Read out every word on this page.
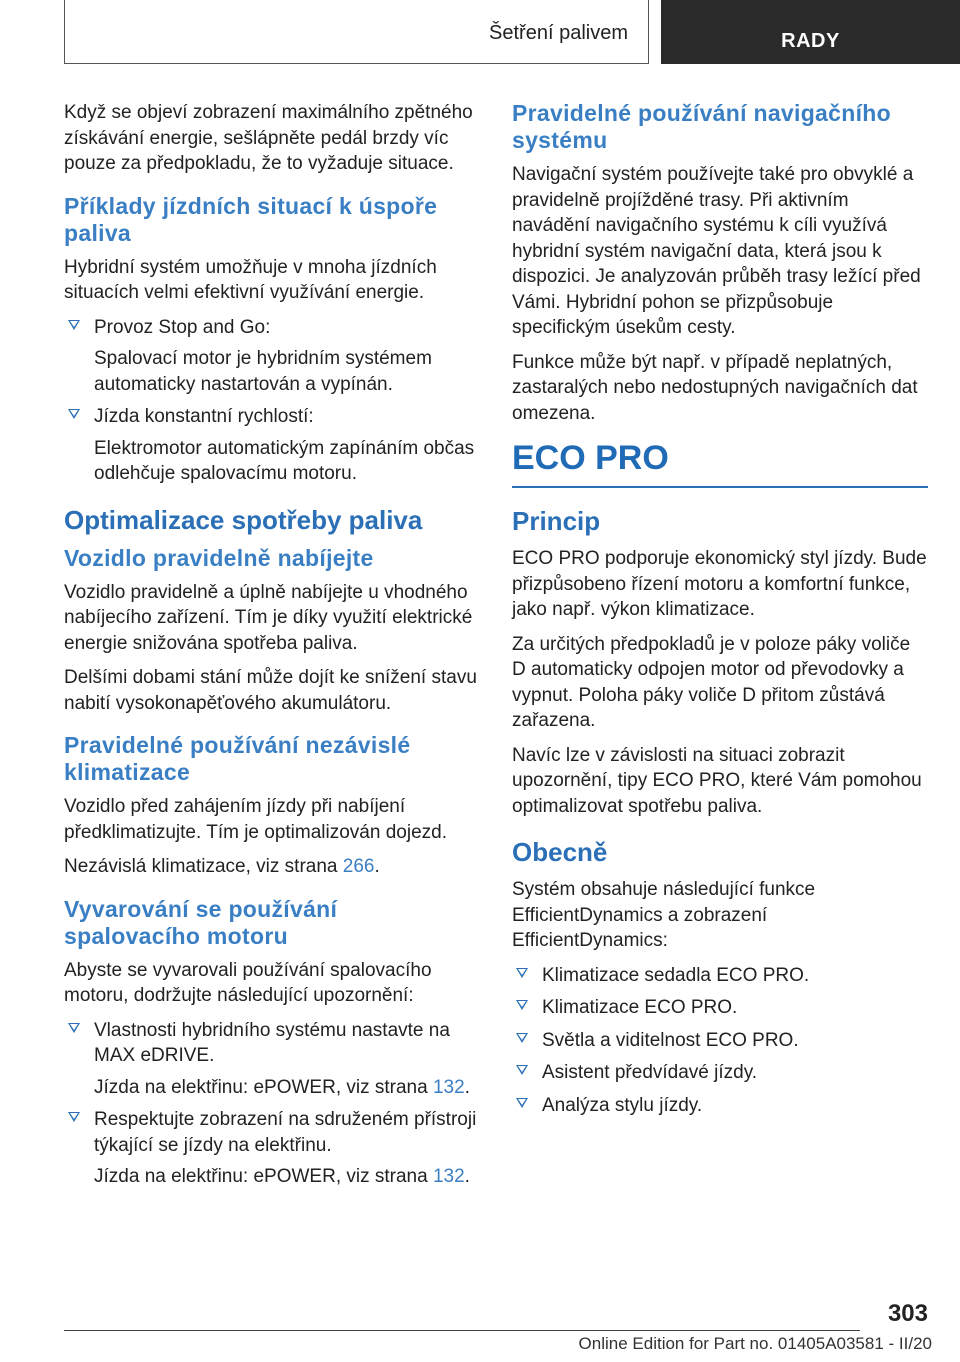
Šetření palivem	RADY

Když se objeví zobrazení maximálního zpětného získávání energie, sešlápněte pedál brzdy víc pouze za předpokladu, že to vyžaduje situace.

Příklady jízdních situací k úspoře paliva

Hybridní systém umožňuje v mnoha jízdních situacích velmi efektivní využívání energie.

Provoz Stop and Go:

Spalovací motor je hybridním systémem automaticky nastartován a vypínán.

Jízda konstantní rychlostí:

Elektromotor automatickým zapínáním občas odlehčuje spalovacímu motoru.

Optimalizace spotřeby paliva
Vozidlo pravidelně nabíjejte

Vozidlo pravidelně a úplně nabíjejte u vhodného nabíjecího zařízení. Tím je díky využití elektrické energie snižována spotřeba paliva.

Delšími dobami stání může dojít ke snížení stavu nabití vysokonapěťového akumulátoru.

Pravidelné používání nezávislé klimatizace

Vozidlo před zahájením jízdy při nabíjení předklimatizujte. Tím je optimalizován dojezd.

Nezávislá klimatizace, viz strana 266.

Vyvarování se používání spalovacího motoru

Abyste se vyvarovali používání spalovacího motoru, dodržujte následující upozornění:

Vlastnosti hybridního systému nastavte na MAX eDRIVE.

Jízda na elektřinu: ePOWER, viz strana 132.

Respektujte zobrazení na sdruženém přístroji týkající se jízdy na elektřinu.

Jízda na elektřinu: ePOWER, viz strana 132.

Pravidelné používání navigačního systému

Navigační systém používejte také pro obvyklé a pravidelně projížděné trasy. Při aktivním navádění navigačního systému k cíli využívá hybridní systém navigační data, která jsou k dispozici. Je analyzován průběh trasy ležící před Vámi. Hybridní pohon se přizpůsobuje specifickým úsekům cesty.

Funkce může být např. v případě neplatných, zastaralých nebo nedostupných navigačních dat omezena.

ECO PRO
Princip

ECO PRO podporuje ekonomický styl jízdy. Bude přizpůsobeno řízení motoru a komfortní funkce, jako např. výkon klimatizace.

Za určitých předpokladů je v poloze páky voliče D automaticky odpojen motor od převodovky a vypnut. Poloha páky voliče D přitom zůstává zařazena.

Navíc lze v závislosti na situaci zobrazit upozornění, tipy ECO PRO, které Vám pomohou optimalizovat spotřebu paliva.

Obecně

Systém obsahuje následující funkce EfficientDynamics a zobrazení EfficientDynamics:

Klimatizace sedadla ECO PRO.

Klimatizace ECO PRO.

Světla a viditelnost ECO PRO.

Asistent předvídavé jízdy.

Analýza stylu jízdy.

303
Online Edition for Part no. 01405A03581 - II/20
